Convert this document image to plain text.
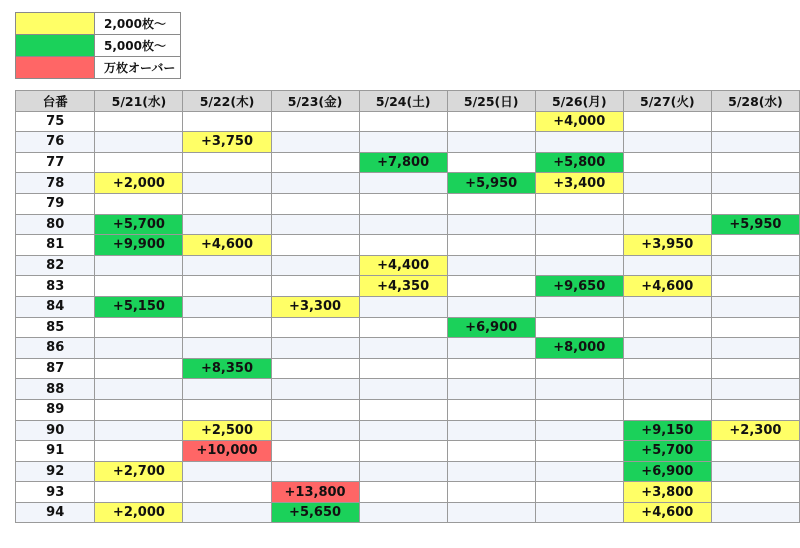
	2,000枚～
	5,000枚～
	万枚オーバー
台番	5/21(水)	5/22(木)	5/23(金)	5/24(土)	5/25(日)	5/26(月)	5/27(火)	5/28(水)
75						+4,000		
76		+3,750						
77				+7,800		+5,800		
78	+2,000				+5,950	+3,400		
79								
80	+5,700							+5,950
81	+9,900	+4,600					+3,950	
82				+4,400				
83				+4,350		+9,650	+4,600	
84	+5,150		+3,300					
85					+6,900			
86						+8,000		
87		+8,350						
88								
89								
90		+2,500					+9,150	+2,300
91		+10,000					+5,700	
92	+2,700						+6,900	
93			+13,800				+3,800	
94	+2,000		+5,650				+4,600	
